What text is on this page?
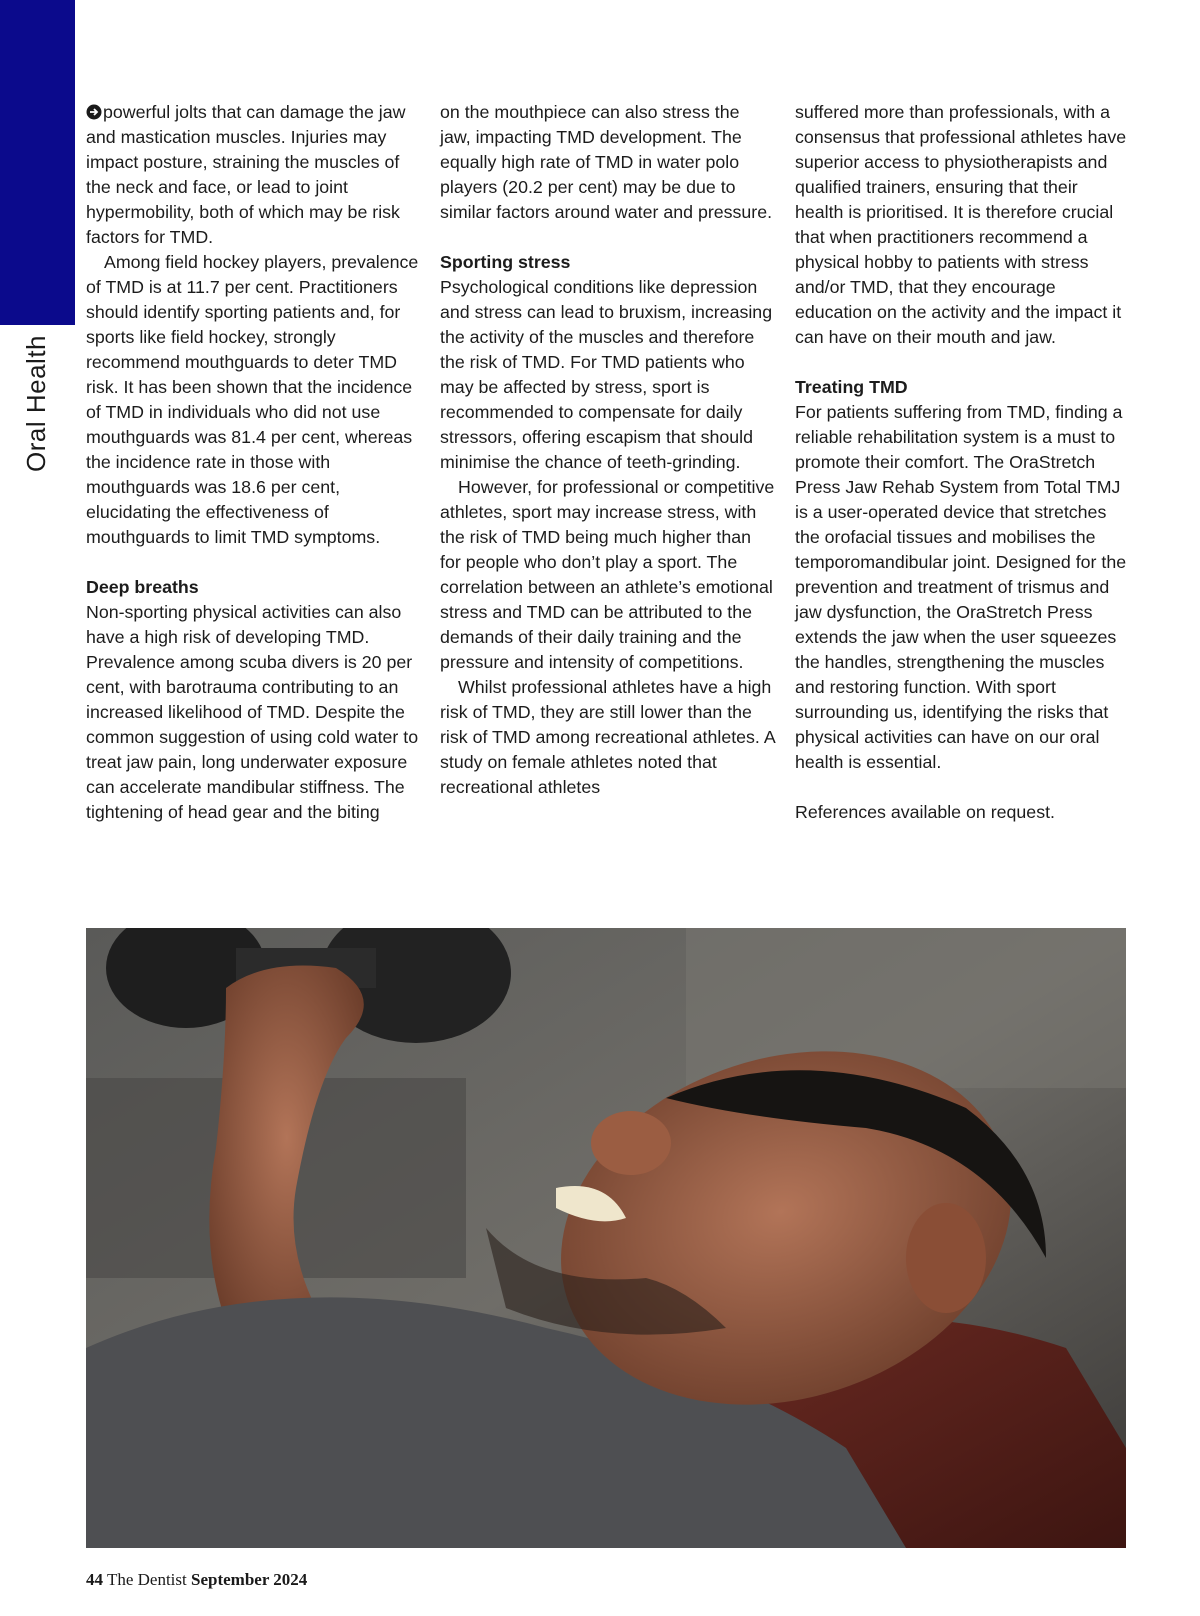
Oral Health

powerful jolts that can damage the jaw and mastication muscles. Injuries may impact posture, straining the muscles of the neck and face, or lead to joint hypermobility, both of which may be risk factors for TMD.

Among field hockey players, prevalence of TMD is at 11.7 per cent. Practitioners should identify sporting patients and, for sports like field hockey, strongly recommend mouthguards to deter TMD risk. It has been shown that the incidence of TMD in individuals who did not use mouthguards was 81.4 per cent, whereas the incidence rate in those with mouthguards was 18.6 per cent, elucidating the effectiveness of mouthguards to limit TMD symptoms.

Deep breaths

Non-sporting physical activities can also have a high risk of developing TMD. Prevalence among scuba divers is 20 per cent, with barotrauma contributing to an increased likelihood of TMD. Despite the common suggestion of using cold water to treat jaw pain, long underwater exposure can accelerate mandibular stiffness. The tightening of head gear and the biting

on the mouthpiece can also stress the jaw, impacting TMD development. The equally high rate of TMD in water polo players (20.2 per cent) may be due to similar factors around water and pressure.

Sporting stress

Psychological conditions like depression and stress can lead to bruxism, increasing the activity of the muscles and therefore the risk of TMD. For TMD patients who may be affected by stress, sport is recommended to compensate for daily stressors, offering escapism that should minimise the chance of teeth-grinding.

However, for professional or competitive athletes, sport may increase stress, with the risk of TMD being much higher than for people who don’t play a sport. The correlation between an athlete’s emotional stress and TMD can be attributed to the demands of their daily training and the pressure and intensity of competitions.

Whilst professional athletes have a high risk of TMD, they are still lower than the risk of TMD among recreational athletes. A study on female athletes noted that recreational athletes

suffered more than professionals, with a consensus that professional athletes have superior access to physiotherapists and qualified trainers, ensuring that their health is prioritised. It is therefore crucial that when practitioners recommend a physical hobby to patients with stress and/or TMD, that they encourage education on the activity and the impact it can have on their mouth and jaw.

Treating TMD

For patients suffering from TMD, finding a reliable rehabilitation system is a must to promote their comfort. The OraStretch Press Jaw Rehab System from Total TMJ is a user-operated device that stretches the orofacial tissues and mobilises the temporomandibular joint. Designed for the prevention and treatment of trismus and jaw dysfunction, the OraStretch Press extends the jaw when the user squeezes the handles, strengthening the muscles and restoring function. With sport surrounding us, identifying the risks that physical activities can have on our oral health is essential.

References available on request.

44 The Dentist September 2024
